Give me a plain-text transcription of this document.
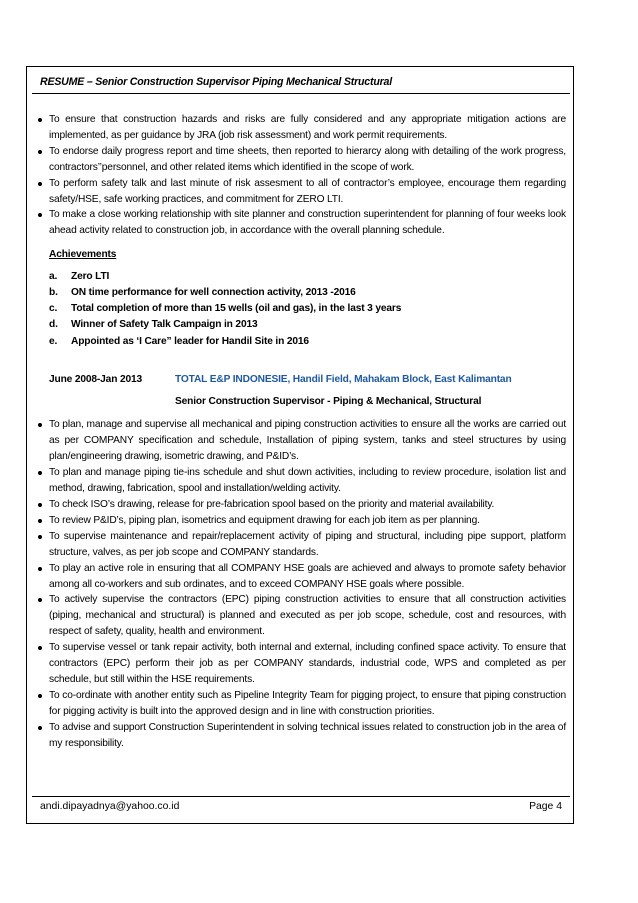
RESUME – Senior Construction Supervisor Piping Mechanical Structural
To ensure that construction hazards and risks are fully considered and any appropriate mitigation actions are implemented, as per guidance by JRA (job risk assessment) and work permit requirements.
To endorse daily progress report and time sheets, then reported to hierarcy along with detailing of the work progress, contractors’’personnel, and other related items which identified in the scope of work.
To perform safety talk and last minute of risk assesment to all of contractor’s employee, encourage them regarding safety/HSE, safe working practices, and commitment for ZERO LTI.
To make a close working relationship with site planner and construction superintendent for planning of four weeks look ahead activity related to construction job, in accordance with the overall planning schedule.
Achievements
a.	Zero LTI
b.	ON time performance for well connection activity, 2013 -2016
c.	Total completion of more than 15 wells (oil and gas), in the last 3 years
d.	Winner of Safety Talk Campaign in 2013
e.	Appointed as ‘I Care” leader for Handil Site in 2016
June 2008-Jan 2013	TOTAL E&P INDONESIE, Handil Field, Mahakam Block, East Kalimantan
Senior Construction Supervisor - Piping & Mechanical, Structural
To plan, manage and supervise all mechanical and piping construction activities to ensure all the works are carried out as per COMPANY specification and schedule, Installation of piping system, tanks and steel structures by using plan/engineering drawing, isometric drawing, and P&ID’s.
To plan and manage piping tie-ins schedule and shut down activities, including to review procedure, isolation list and method, drawing, fabrication, spool and installation/welding activity.
To check ISO’s drawing, release for pre-fabrication spool based on the priority and material availability.
To review P&ID’s, piping plan, isometrics and equipment drawing for each job item as per planning.
To supervise maintenance and repair/replacement activity of piping and structural, including pipe support, platform structure, valves, as per job scope and COMPANY standards.
To play an active role in ensuring that all COMPANY HSE goals are achieved and always to promote safety behavior among all co-workers and sub ordinates, and to exceed COMPANY HSE goals where possible.
To actively supervise the contractors (EPC) piping construction activities to ensure that all construction activities (piping, mechanical and structural) is planned and executed as per job scope, schedule, cost and resources, with respect of safety, quality, health and environment.
To supervise vessel or tank repair activity, both internal and external, including confined space activity. To ensure that contractors (EPC) perform their job as per COMPANY standards, industrial code, WPS and completed as per schedule, but still within the HSE requirements.
To co-ordinate with another entity such as Pipeline Integrity Team for pigging project, to ensure that piping construction for pigging activity is built into the approved design and in line with construction priorities.
To advise and support Construction Superintendent in solving technical issues related to construction job in the area of my responsibility.
andi.dipayadnya@yahoo.co.id	Page 4
